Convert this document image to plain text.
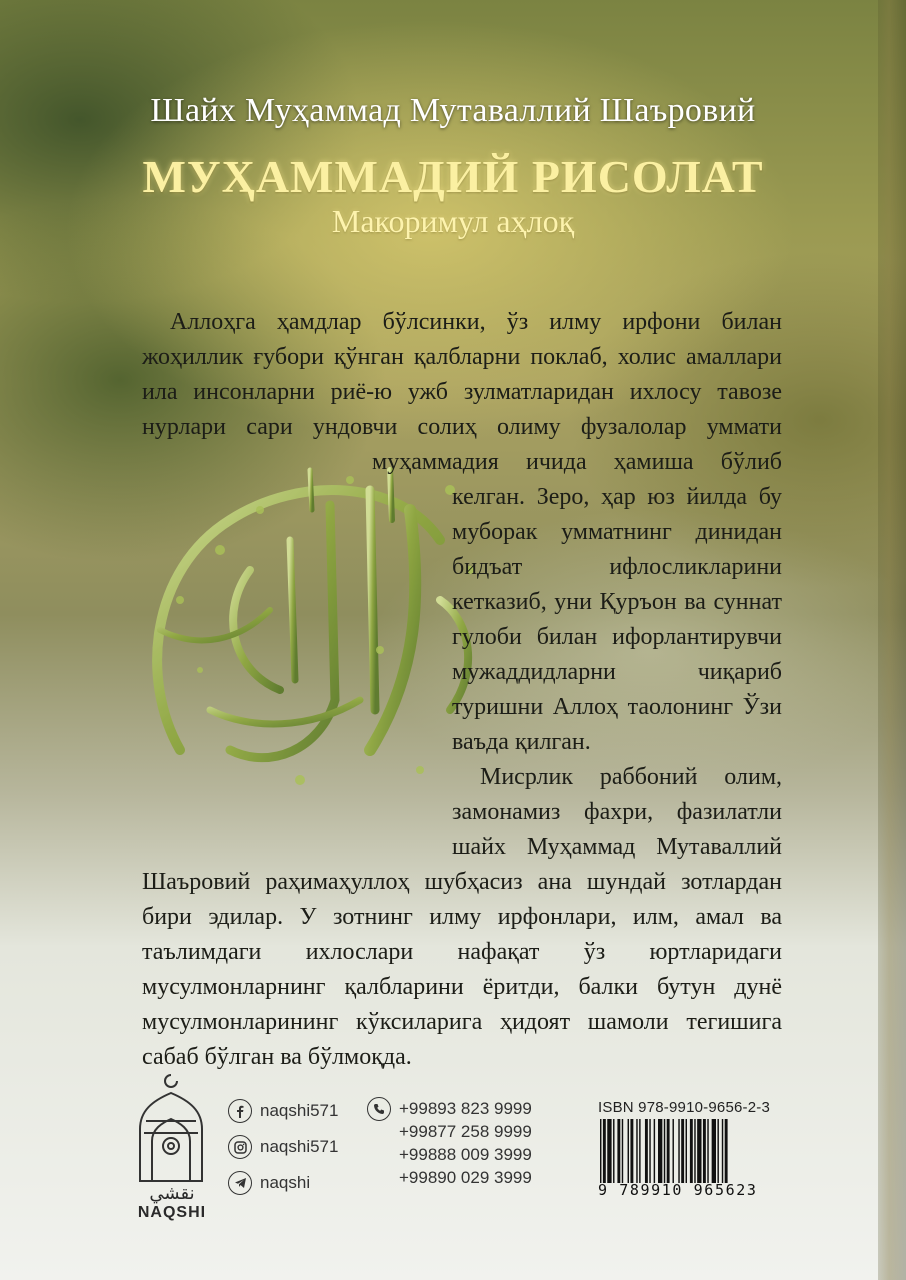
Шайх Муҳаммад Мутаваллий Шаъровий
МУҲАММАДИЙ РИСОЛАТ
Макоримул аҳлоқ

Аллоҳга ҳамдлар бўлсинки, ўз илму ирфони билан жоҳиллик ғубори қўнган қалбларни поклаб, холис амаллари ила инсонларни риё-ю ужб зулматларидан ихлосу тавозе нурлари сари ундовчи солиҳ олиму фузалолар уммати муҳаммадия ичида ҳамиша бўлиб келган. Зеро, ҳар юз йилда бу муборак умматнинг динидан бидъат ифлосликларини кетказиб, уни Қуръон ва суннат гулоби билан ифорлантирувчи мужаддидларни чиқариб туришни Аллоҳ таолонинг Ўзи ваъда қилган.

Мисрлик раббоний олим, замонамиз фахри, фазилатли шайх Муҳаммад Мутаваллий Шаъровий раҳимаҳуллоҳ шубҳасиз ана шундай зотлардан бири эдилар. У зотнинг илму ирфонлари, илм, амал ва таълимдаги ихлослари нафақат ўз юртларидаги мусулмонларнинг қалбларини ёритди, балки бутун дунё мусулмонларининг кўксиларига ҳидоят шамоли тегишига сабаб бўлган ва бўлмоқда.

نقشي
NAQSHI
naqshi571
naqshi571
naqshi
+99893 823 9999
+99877 258 9999
+99888 009 3999
+99890 029 3999
ISBN 978-9910-9656-2-3
9 789910 965623
